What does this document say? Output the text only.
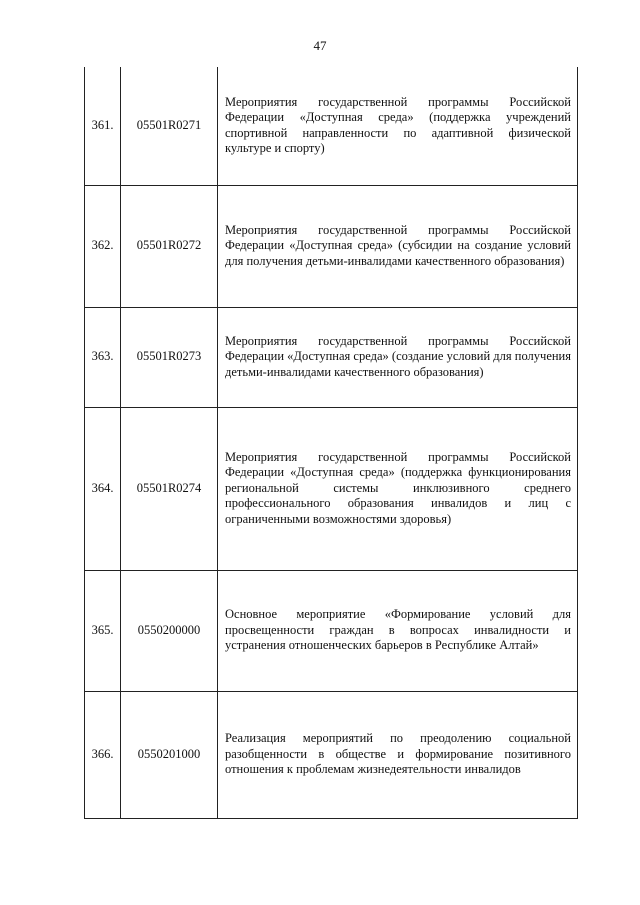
47
361.	05501R0271	Мероприятия государственной программы Российской Федерации «Доступная среда» (поддержка учреждений спортивной направленности по адаптивной физической культуре и спорту)

362.	05501R0272	Мероприятия государственной программы Российской Федерации «Доступная среда» (субсидии на создание условий для получения детьми-инвалидами качественного образования)

363.	05501R0273	Мероприятия государственной программы Российской Федерации «Доступная среда» (создание условий для получения детьми-инвалидами качественного образования)

364.	05501R0274	Мероприятия государственной программы Российской Федерации «Доступная среда» (поддержка функционирования региональной системы инклюзивного среднего профессионального образования инвалидов и лиц с ограниченными возможностями здоровья)

365.	0550200000	Основное мероприятие «Формирование условий для просвещенности граждан в вопросах инвалидности и устранения отношенческих барьеров в Республике Алтай»

366.	0550201000	Реализация мероприятий по преодолению социальной разобщенности в обществе и формирование позитивного отношения к проблемам жизнедеятельности инвалидов
